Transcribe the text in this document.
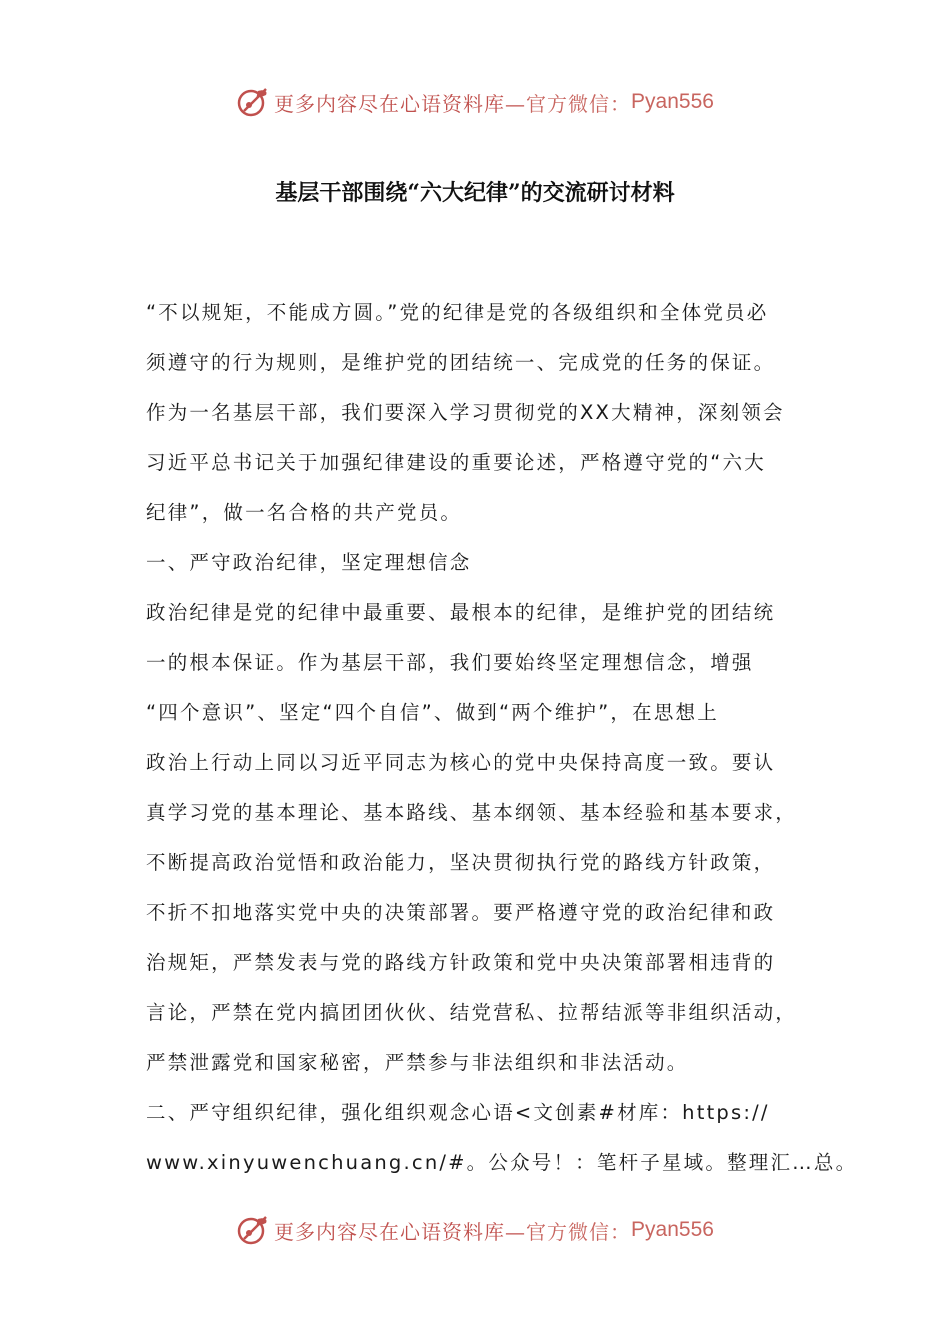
更多内容尽在心语资料库— 官方微信： Pyan556
基层干部围绕“六大纪律”的交流研讨材料
“不以规矩，不能成方圆。”党的纪律是党的各级组织和全体党员必
须遵守的行为规则，是维护党的团结统一、完成党的任务的保证。
作为一名基层干部，我们要深入学习贯彻党的XX大精神，深刻领会
习近平总书记关于加强纪律建设的重要论述，严格遵守党的“六大
纪律”，做一名合格的共产党员。
一、严守政治纪律，坚定理想信念
政治纪律是党的纪律中最重要、最根本的纪律，是维护党的团结统
一的根本保证。作为基层干部，我们要始终坚定理想信念，增强
“四个意识”、坚定“四个自信”、做到“两个维护”，在思想上
政治上行动上同以习近平同志为核心的党中央保持高度一致。要认
真学习党的基本理论、基本路线、基本纲领、基本经验和基本要求，
不断提高政治觉悟和政治能力，坚决贯彻执行党的路线方针政策，
不折不扣地落实党中央的决策部署。要严格遵守党的政治纪律和政
治规矩，严禁发表与党的路线方针政策和党中央决策部署相违背的
言论，严禁在党内搞团团伙伙、结党营私、拉帮结派等非组织活动，
严禁泄露党和国家秘密，严禁参与非法组织和非法活动。
二、严守组织纪律，强化组织观念心语<文创素#材库：https://
www.xinyuwenchuang.cn/#。公众号！：笔杆子星域。整理汇…总。
更多内容尽在心语资料库— 官方微信： Pyan556
